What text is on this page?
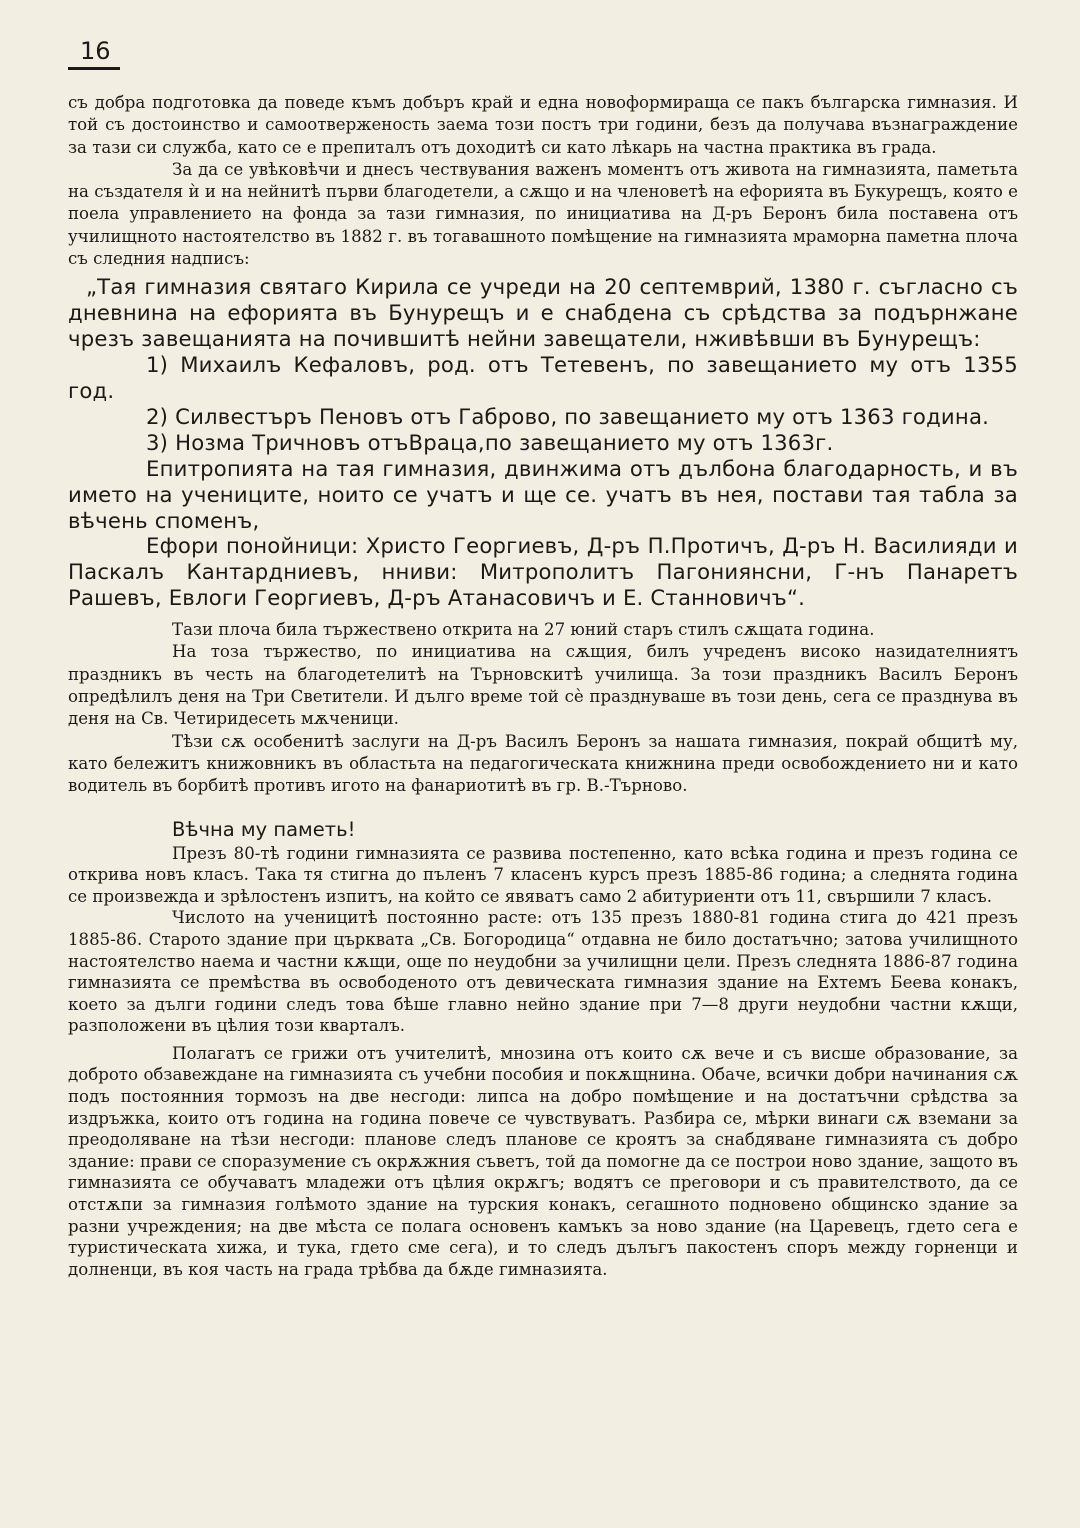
16

съ добра подготовка да поведе къмъ добъръ край и една новоформираща се пакъ българска гимназия. И той съ достоинство и самоотверженость заема този постъ три години, безъ да получава възнаграждение за тази си служба, като се е препиталъ отъ доходитѣ си като лѣкарь на частна практика въ града.

За да се увѣковѣчи и днесъ чествувания важенъ моментъ отъ живота на гимназията, паметьта на създателя ѝ и на нейнитѣ първи благодетели, а сѫщо и на членоветѣ на ефорията въ Букурещъ, която е поела управлението на фонда за тази гимназия, по инициатива на Д-ръ Беронъ била поставена отъ училищното настоятелство въ 1882 г. въ тогавашното помѣщение на гимназията мраморна паметна плоча съ следния надписъ:

„Тая гимназия святаго Кирила се учреди на 20 септемврий, 1380 г. съгласно съ дневнина на ефорията въ Бунурещъ и е снабдена съ срѣдства за подърнжане чрезъ завещанията на почившитѣ нейни завещатели, нживѣвши въ Бунурещъ:

1) Михаилъ Кефаловъ, род. отъ Тетевенъ, по завещанието му отъ 1355 год.

2) Силвестъръ Пеновъ отъ Габрово, по завещанието му отъ 1363 година.

3) Нозма Тричновъ отъВраца,по завещанието му отъ 1363г.

Епитропията на тая гимназия, двинжима отъ дълбона благодарность, и въ името на учениците, ноито се учатъ и ще се. учатъ въ нея, постави тая табла за вѣчень споменъ,

Ефори понойници: Христо Георгиевъ, Д-ръ П.Протичъ, Д-ръ Н. Василияди и Паскалъ Кантардниевъ, нниви: Митрополитъ Пагониянсни, Г-нъ Панаретъ Рашевъ, Евлоги Георгиевъ, Д-ръ Атанасовичъ и Е. Станновичъ“.

Тази плоча била тържествено открита на 27 юний старъ стилъ сѫщата година.

На тоза тържество, по инициатива на сѫщия, билъ учреденъ високо назидателниятъ праздникъ въ честь на благодетелитѣ на Търновскитѣ училища. За този праздникъ Василъ Беронъ опредѣлилъ деня на Три Светители. И дълго време той сѐ празднуваше въ този день, сега се празднува въ деня на Св. Четиридесеть мѫченици.

Тѣзи сѫ особенитѣ заслуги на Д-ръ Василъ Беронъ за нашата гимназия, покрай общитѣ му, като бележитъ книжовникъ въ областьта на педагогическата книжнина преди освобождението ни и като водитель въ борбитѣ противъ игото на фанариотитѣ въ гр. В.-Търново.

Вѣчна му паметь!

Презъ 80-тѣ години гимназията се развива постепенно, като всѣка година и презъ година се открива новъ класъ. Така тя стигна до пъленъ 7 класенъ курсъ презъ 1885-86 година; а следнята година се произвежда и зрѣлостенъ изпитъ, на който се явяватъ само 2 абитуриенти отъ 11, свършили 7 класъ.

Числото на ученицитѣ постоянно расте: отъ 135 презъ 1880-81 година стига до 421 презъ 1885-86. Старото здание при църквата „Св. Богородица“ отдавна не било достатъчно; затова училищното настоятелство наема и частни кѫщи, още по неудобни за училищни цели. Презъ следнята 1886-87 година гимназията се премѣства въ освободеното отъ девическата гимназия здание на Ехтемъ Беева конакъ, което за дълги години следъ това бѣше главно нейно здание при 7—8 други неудобни частни кѫщи, разположени въ цѣлия този кварталъ.

Полагатъ се грижи отъ учителитѣ, мнозина отъ които сѫ вече и съ висше образование, за доброто обзавеждане на гимназията съ учебни пособия и покѫщнина. Обаче, всички добри начинания сѫ подъ постоянния тормозъ на две несгоди: липса на добро помѣщение и на достатъчни срѣдства за издръжка, които отъ година на година повече се чувствуватъ. Разбира се, мѣрки винаги сѫ вземани за преодоляване на тѣзи несгоди: планове следъ планове се кроятъ за снабдяване гимназията съ добро здание: прави се споразумение съ окрѫжния съветъ, той да помогне да се построи ново здание, защото въ гимназията се обучаватъ младежи отъ цѣлия окрѫгъ; водятъ се преговори и съ правителството, да се отстѫпи за гимназия голѣмото здание на турския конакъ, сегашното подновено общинско здание за разни учреждения; на две мѣста се полага основенъ камъкъ за ново здание (на Царевецъ, гдето сега е туристическата хижа, и тука, гдето сме сега), и то следъ дълъгъ пакостенъ споръ между горненци и долненци, въ коя часть на града трѣбва да бѫде гимназията.
